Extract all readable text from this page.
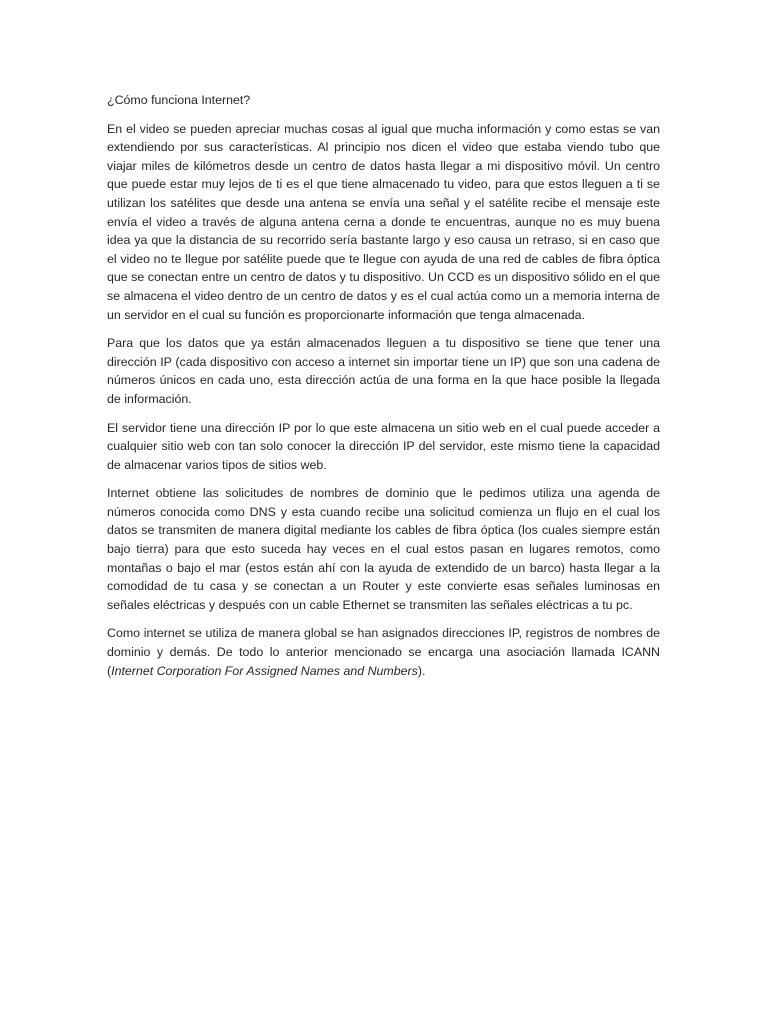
¿Cómo funciona Internet?

En el video se pueden apreciar muchas cosas al igual que mucha información y como estas se van extendiendo por sus características. Al principio nos dicen el video que estaba viendo tubo que viajar miles de kilómetros desde un centro de datos hasta llegar a mi dispositivo móvil. Un centro que puede estar muy lejos de ti es el que tiene almacenado tu video, para que estos lleguen a ti se utilizan los satélites que desde una antena se envía una señal y el satélite recibe el mensaje este envía el video a través de alguna antena cerna a donde te encuentras, aunque no es muy buena idea ya que la distancia de su recorrido sería bastante largo y eso causa un retraso, si en caso que el video no te llegue por satélite puede que te llegue con ayuda de una red de cables de fibra óptica que se conectan entre un centro de datos y tu dispositivo. Un CCD es un dispositivo sólido en el que se almacena el video dentro de un centro de datos y es el cual actúa como un a memoria interna de un servidor en el cual su función es proporcionarte información que tenga almacenada.

Para que los datos que ya están almacenados lleguen a tu dispositivo se tiene que tener una dirección IP (cada dispositivo con acceso a internet sin importar tiene un IP) que son una cadena de números únicos en cada uno, esta dirección actúa de una forma en la que hace posible la llegada de información.

El servidor tiene una dirección IP por lo que este almacena un sitio web en el cual puede acceder a cualquier sitio web con tan solo conocer la dirección IP del servidor, este mismo tiene la capacidad de almacenar varios tipos de sitios web.

Internet obtiene las solicitudes de nombres de dominio que le pedimos utiliza una agenda de números conocida como DNS y esta cuando recibe una solicitud comienza un flujo en el cual los datos se transmiten de manera digital mediante los cables de fibra óptica (los cuales siempre están bajo tierra) para que esto suceda hay veces en el cual estos pasan en lugares remotos, como montañas o bajo el mar (estos están ahí con la ayuda de extendido de un barco) hasta llegar a la comodidad de tu casa y se conectan a un Router y este convierte esas señales luminosas en señales eléctricas y después con un cable Ethernet se transmiten las señales eléctricas a tu pc.

Como internet se utiliza de manera global se han asignados direcciones IP, registros de nombres de dominio y demás. De todo lo anterior mencionado se encarga una asociación llamada ICANN (Internet Corporation For Assigned Names and Numbers).
